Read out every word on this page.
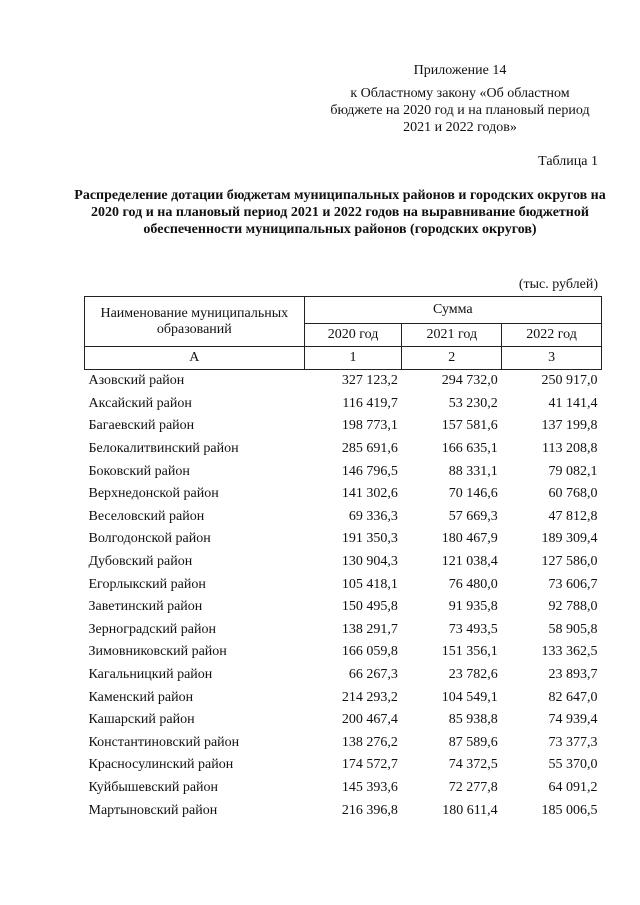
Приложение 14
к Областному закону «Об областном бюджете на 2020 год и на плановый период 2021 и 2022 годов»
Таблица 1
Распределение дотации бюджетам муниципальных районов и городских округов на 2020 год и на плановый период 2021 и 2022 годов на выравнивание бюджетной обеспеченности муниципальных районов (городских округов)
(тыс. рублей)
Наименование муниципальных образований	Сумма		
	2020 год	2021 год	2022 год
А	1	2	3
Азовский район	327 123,2	294 732,0	250 917,0
Аксайский район	116 419,7	53 230,2	41 141,4
Багаевский район	198 773,1	157 581,6	137 199,8
Белокалитвинский район	285 691,6	166 635,1	113 208,8
Боковский район	146 796,5	88 331,1	79 082,1
Верхнедонской район	141 302,6	70 146,6	60 768,0
Веселовский район	69 336,3	57 669,3	47 812,8
Волгодонской район	191 350,3	180 467,9	189 309,4
Дубовский район	130 904,3	121 038,4	127 586,0
Егорлыкский район	105 418,1	76 480,0	73 606,7
Заветинский район	150 495,8	91 935,8	92 788,0
Зерноградский район	138 291,7	73 493,5	58 905,8
Зимовниковский район	166 059,8	151 356,1	133 362,5
Кагальницкий район	66 267,3	23 782,6	23 893,7
Каменский район	214 293,2	104 549,1	82 647,0
Кашарский район	200 467,4	85 938,8	74 939,4
Константиновский район	138 276,2	87 589,6	73 377,3
Красносулинский район	174 572,7	74 372,5	55 370,0
Куйбышевский район	145 393,6	72 277,8	64 091,2
Мартыновский район	216 396,8	180 611,4	185 006,5
